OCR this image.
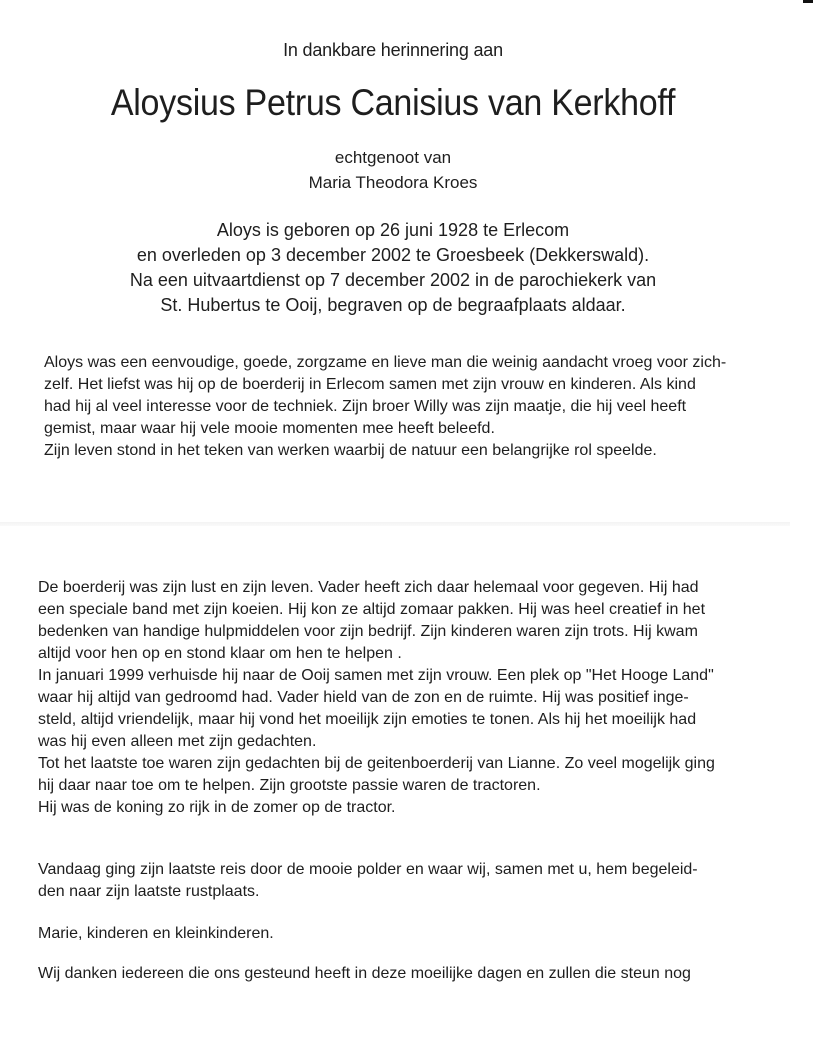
In dankbare herinnering aan
Aloysius Petrus Canisius van Kerkhoff
echtgenoot van
Maria Theodora Kroes
Aloys is geboren op 26 juni 1928 te Erlecom
en overleden op 3 december 2002 te Groesbeek (Dekkerswald).
Na een uitvaartdienst op 7 december 2002 in de parochiekerk van
St. Hubertus te Ooij, begraven op de begraafplaats aldaar.
Aloys was een eenvoudige, goede, zorgzame en lieve man die weinig aandacht vroeg voor zich-
zelf. Het liefst was hij op de boerderij in Erlecom samen met zijn vrouw en kinderen. Als kind
had hij al veel interesse voor de techniek. Zijn broer Willy was zijn maatje, die hij veel heeft
gemist, maar waar hij vele mooie momenten mee heeft beleefd.
Zijn leven stond in het teken van werken waarbij de natuur een belangrijke rol speelde.
De boerderij was zijn lust en zijn leven. Vader heeft zich daar helemaal voor gegeven. Hij had
een speciale band met zijn koeien. Hij kon ze altijd zomaar pakken. Hij was heel creatief in het
bedenken van handige hulpmiddelen voor zijn bedrijf. Zijn kinderen waren zijn trots. Hij kwam
altijd voor hen op en stond klaar om hen te helpen .
In januari 1999 verhuisde hij naar de Ooij samen met zijn vrouw. Een plek op "Het Hooge Land"
waar hij altijd van gedroomd had. Vader hield van de zon en de ruimte. Hij was positief inge-
steld, altijd vriendelijk, maar hij vond het moeilijk zijn emoties te tonen. Als hij het moeilijk had
was hij even alleen met zijn gedachten.
Tot het laatste toe waren zijn gedachten bij de geitenboerderij van Lianne. Zo veel mogelijk ging
hij daar naar toe om te helpen. Zijn grootste passie waren de tractoren.
Hij was de koning zo rijk in de zomer op de tractor.
Vandaag ging zijn laatste reis door de mooie polder en waar wij, samen met u, hem begeleid-
den naar zijn laatste rustplaats.
Marie, kinderen en kleinkinderen.
Wij danken iedereen die ons gesteund heeft in deze moeilijke dagen en zullen die steun nog
